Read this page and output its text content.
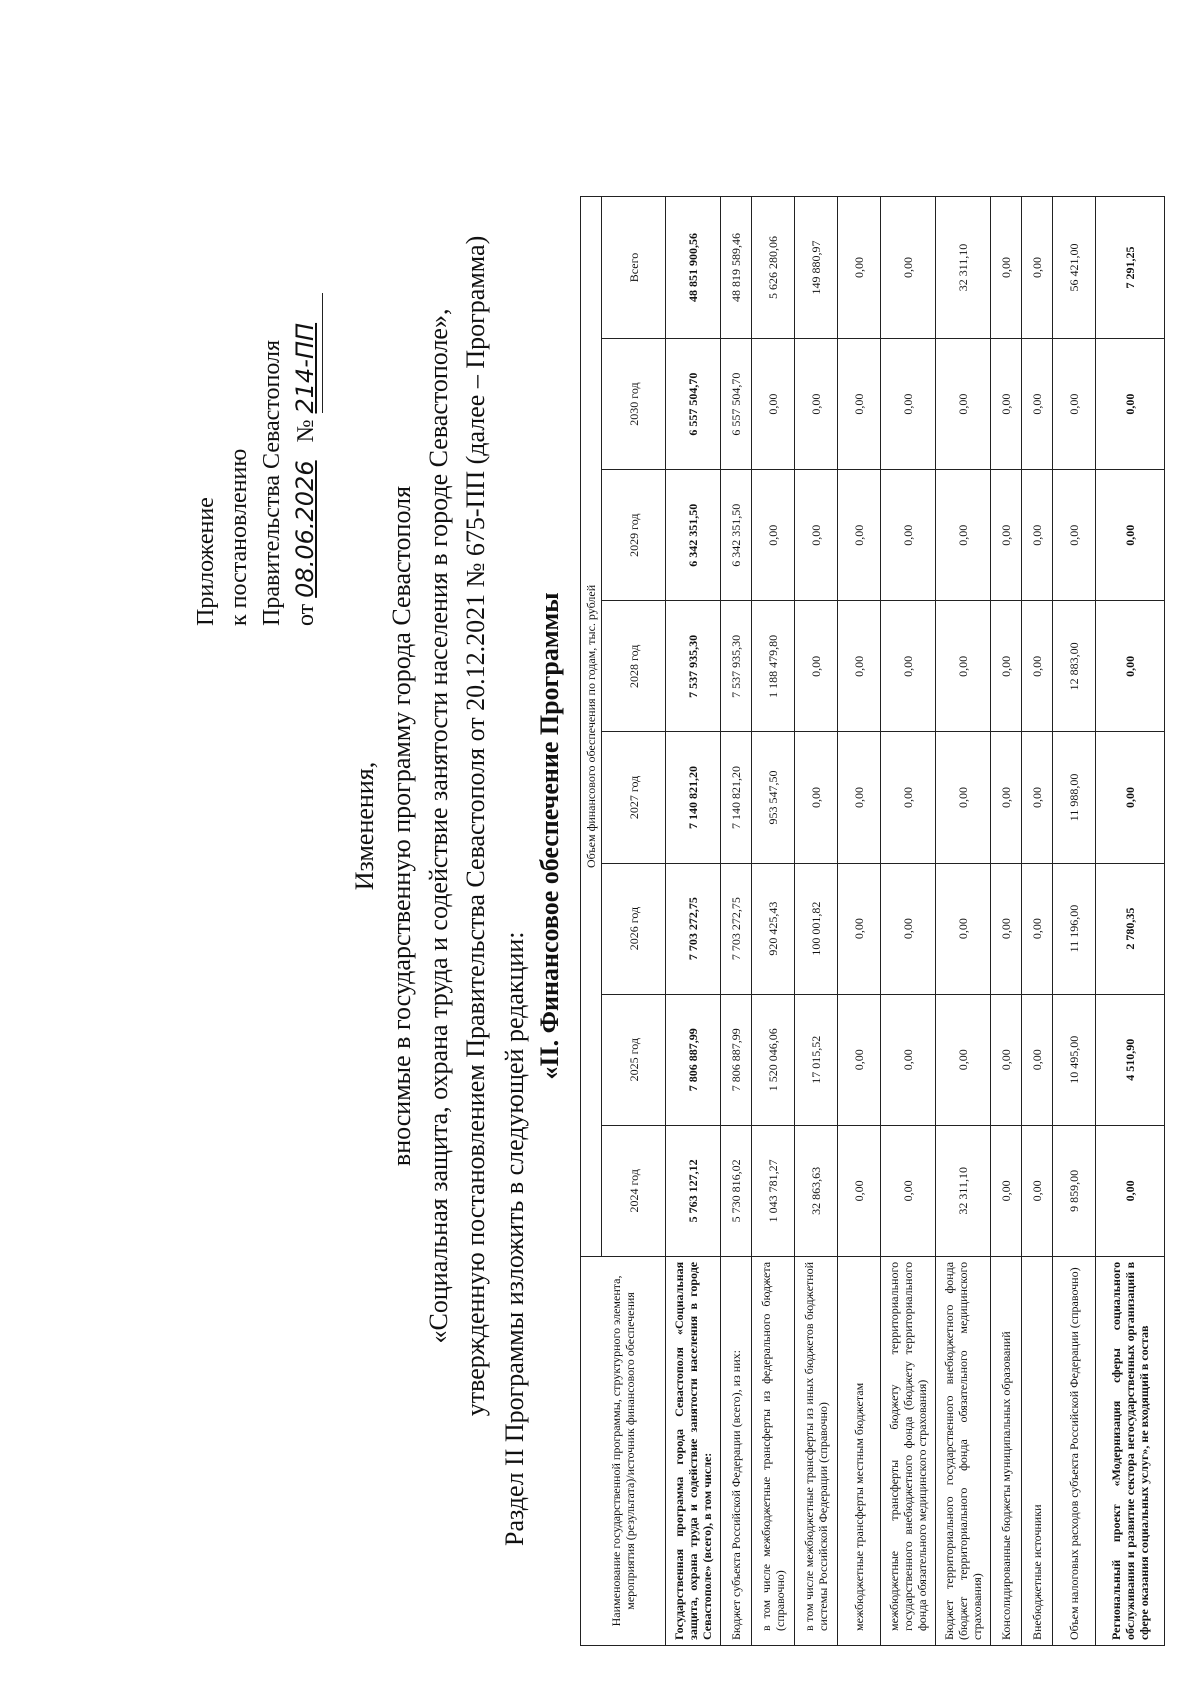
Приложение к постановлению Правительства Севастополя от 08.06.2026   № 214-ПП
Изменения, вносимые в государственную программу города Севастополя «Социальная защита, охрана труда и содействие занятости населения в городе Севастополе», утвержденную постановлением Правительства Севастополя от 20.12.2021 № 675-ПП (далее – Программа) Раздел II Программы изложить в следующей редакции:
«II. Финансовое обеспечение Программы
Наименование государственной программы, структурного элемента, мероприятия (результата)/источник финансового обеспечения	Объем финансового обеспечения по годам, тыс. рублей							
	2024 год	2025 год	2026 год	2027 год	2028 год	2029 год	2030 год	Всего
Государственная программа города Севастополя «Социальная защита, охрана труда и содействие занятости населения в городе Севастополе» (всего), в том числе:	5 763 127,12	7 806 887,99	7 703 272,75	7 140 821,20	7 537 935,30	6 342 351,50	6 557 504,70	48 851 900,56
Бюджет субъекта Российской Федерации (всего), из них:	5 730 816,02	7 806 887,99	7 703 272,75	7 140 821,20	7 537 935,30	6 342 351,50	6 557 504,70	48 819 589,46
в том числе межбюджетные трансферты из федерального бюджета (справочно)	1 043 781,27	1 520 046,06	920 425,43	953 547,50	1 188 479,80	0,00	0,00	5 626 280,06
в том числе межбюджетные трансферты из иных бюджетов бюджетной системы Российской Федерации (справочно)	32 863,63	17 015,52	100 001,82	0,00	0,00	0,00	0,00	149 880,97
межбюджетные трансферты местным бюджетам	0,00	0,00	0,00	0,00	0,00	0,00	0,00	0,00
межбюджетные трансферты бюджету территориального государственного внебюджетного фонда (бюджету территориального фонда обязательного медицинского страхования)	0,00	0,00	0,00	0,00	0,00	0,00	0,00	0,00
Бюджет территориального государственного внебюджетного фонда (бюджет территориального фонда обязательного медицинского страхования)	32 311,10	0,00	0,00	0,00	0,00	0,00	0,00	32 311,10
Консолидированные бюджеты муниципальных образований	0,00	0,00	0,00	0,00	0,00	0,00	0,00	0,00
Внебюджетные источники	0,00	0,00	0,00	0,00	0,00	0,00	0,00	0,00
Объем налоговых расходов субъекта Российской Федерации (справочно)	9 859,00	10 495,00	11 196,00	11 988,00	12 883,00	0,00	0,00	56 421,00
Региональный проект «Модернизация сферы социального обслуживания и развитие сектора негосударственных организаций в сфере оказания социальных услуг», не входящий в состав	0,00	4 510,90	2 780,35	0,00	0,00	0,00	0,00	7 291,25
